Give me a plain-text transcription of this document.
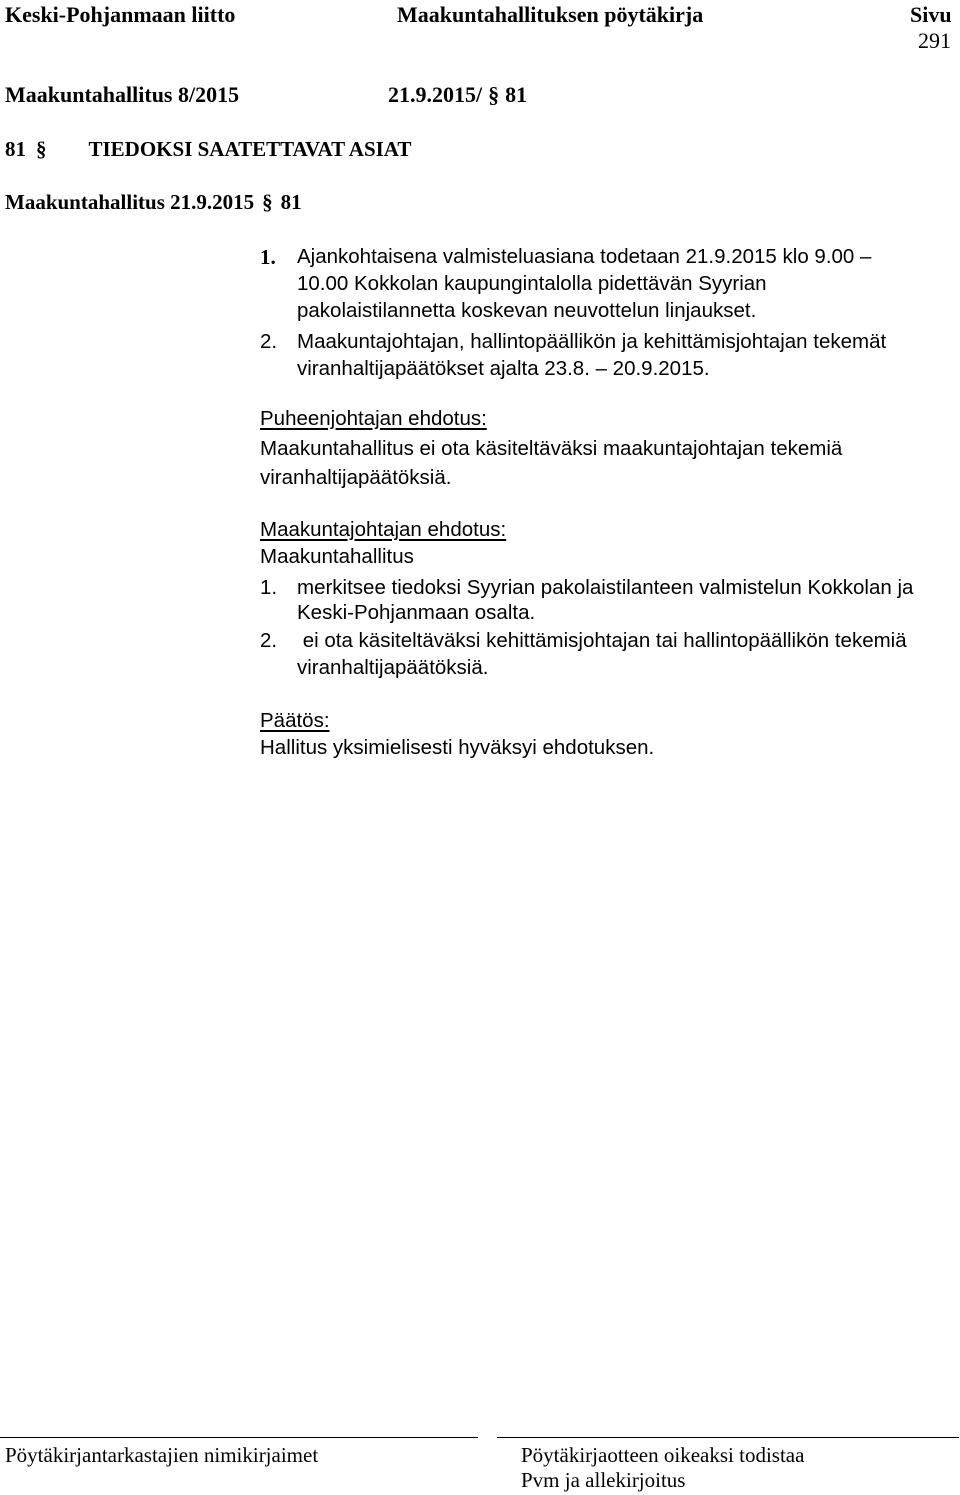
Keski-Pohjanmaan liitto	Maakuntahallituksen pöytäkirja	Sivu
291
Maakuntahallitus 8/2015	21.9.2015/ § 81
81 § TIEDOKSI SAATETTAVAT ASIAT
Maakuntahallitus 21.9.2015 § 81
1. Ajankohtaisena valmisteluasiana todetaan 21.9.2015 klo 9.00 –
10.00 Kokkolan kaupungintalolla pidettävän Syyrian
pakolaistilannetta koskevan neuvottelun linjaukset.
2. Maakuntajohtajan, hallintopäällikön ja kehittämisjohtajan tekemät
viranhaltijapäätökset ajalta 23.8. – 20.9.2015.
Puheenjohtajan ehdotus:
Maakuntahallitus ei ota käsiteltäväksi maakuntajohtajan tekemiä
viranhaltijapäätöksiä.
Maakuntajohtajan ehdotus:
Maakuntahallitus
1. merkitsee tiedoksi Syyrian pakolaistilanteen valmistelun Kokkolan ja
Keski-Pohjanmaan osalta.
2. ei ota käsiteltäväksi kehittämisjohtajan tai hallintopäällikön tekemiä
viranhaltijapäätöksiä.
Päätös:
Hallitus yksimielisesti hyväksyi ehdotuksen.
Pöytäkirjantarkastajien nimikirjaimet	Pöytäkirjaotteen oikeaksi todistaa
Pvm ja allekirjoitus
